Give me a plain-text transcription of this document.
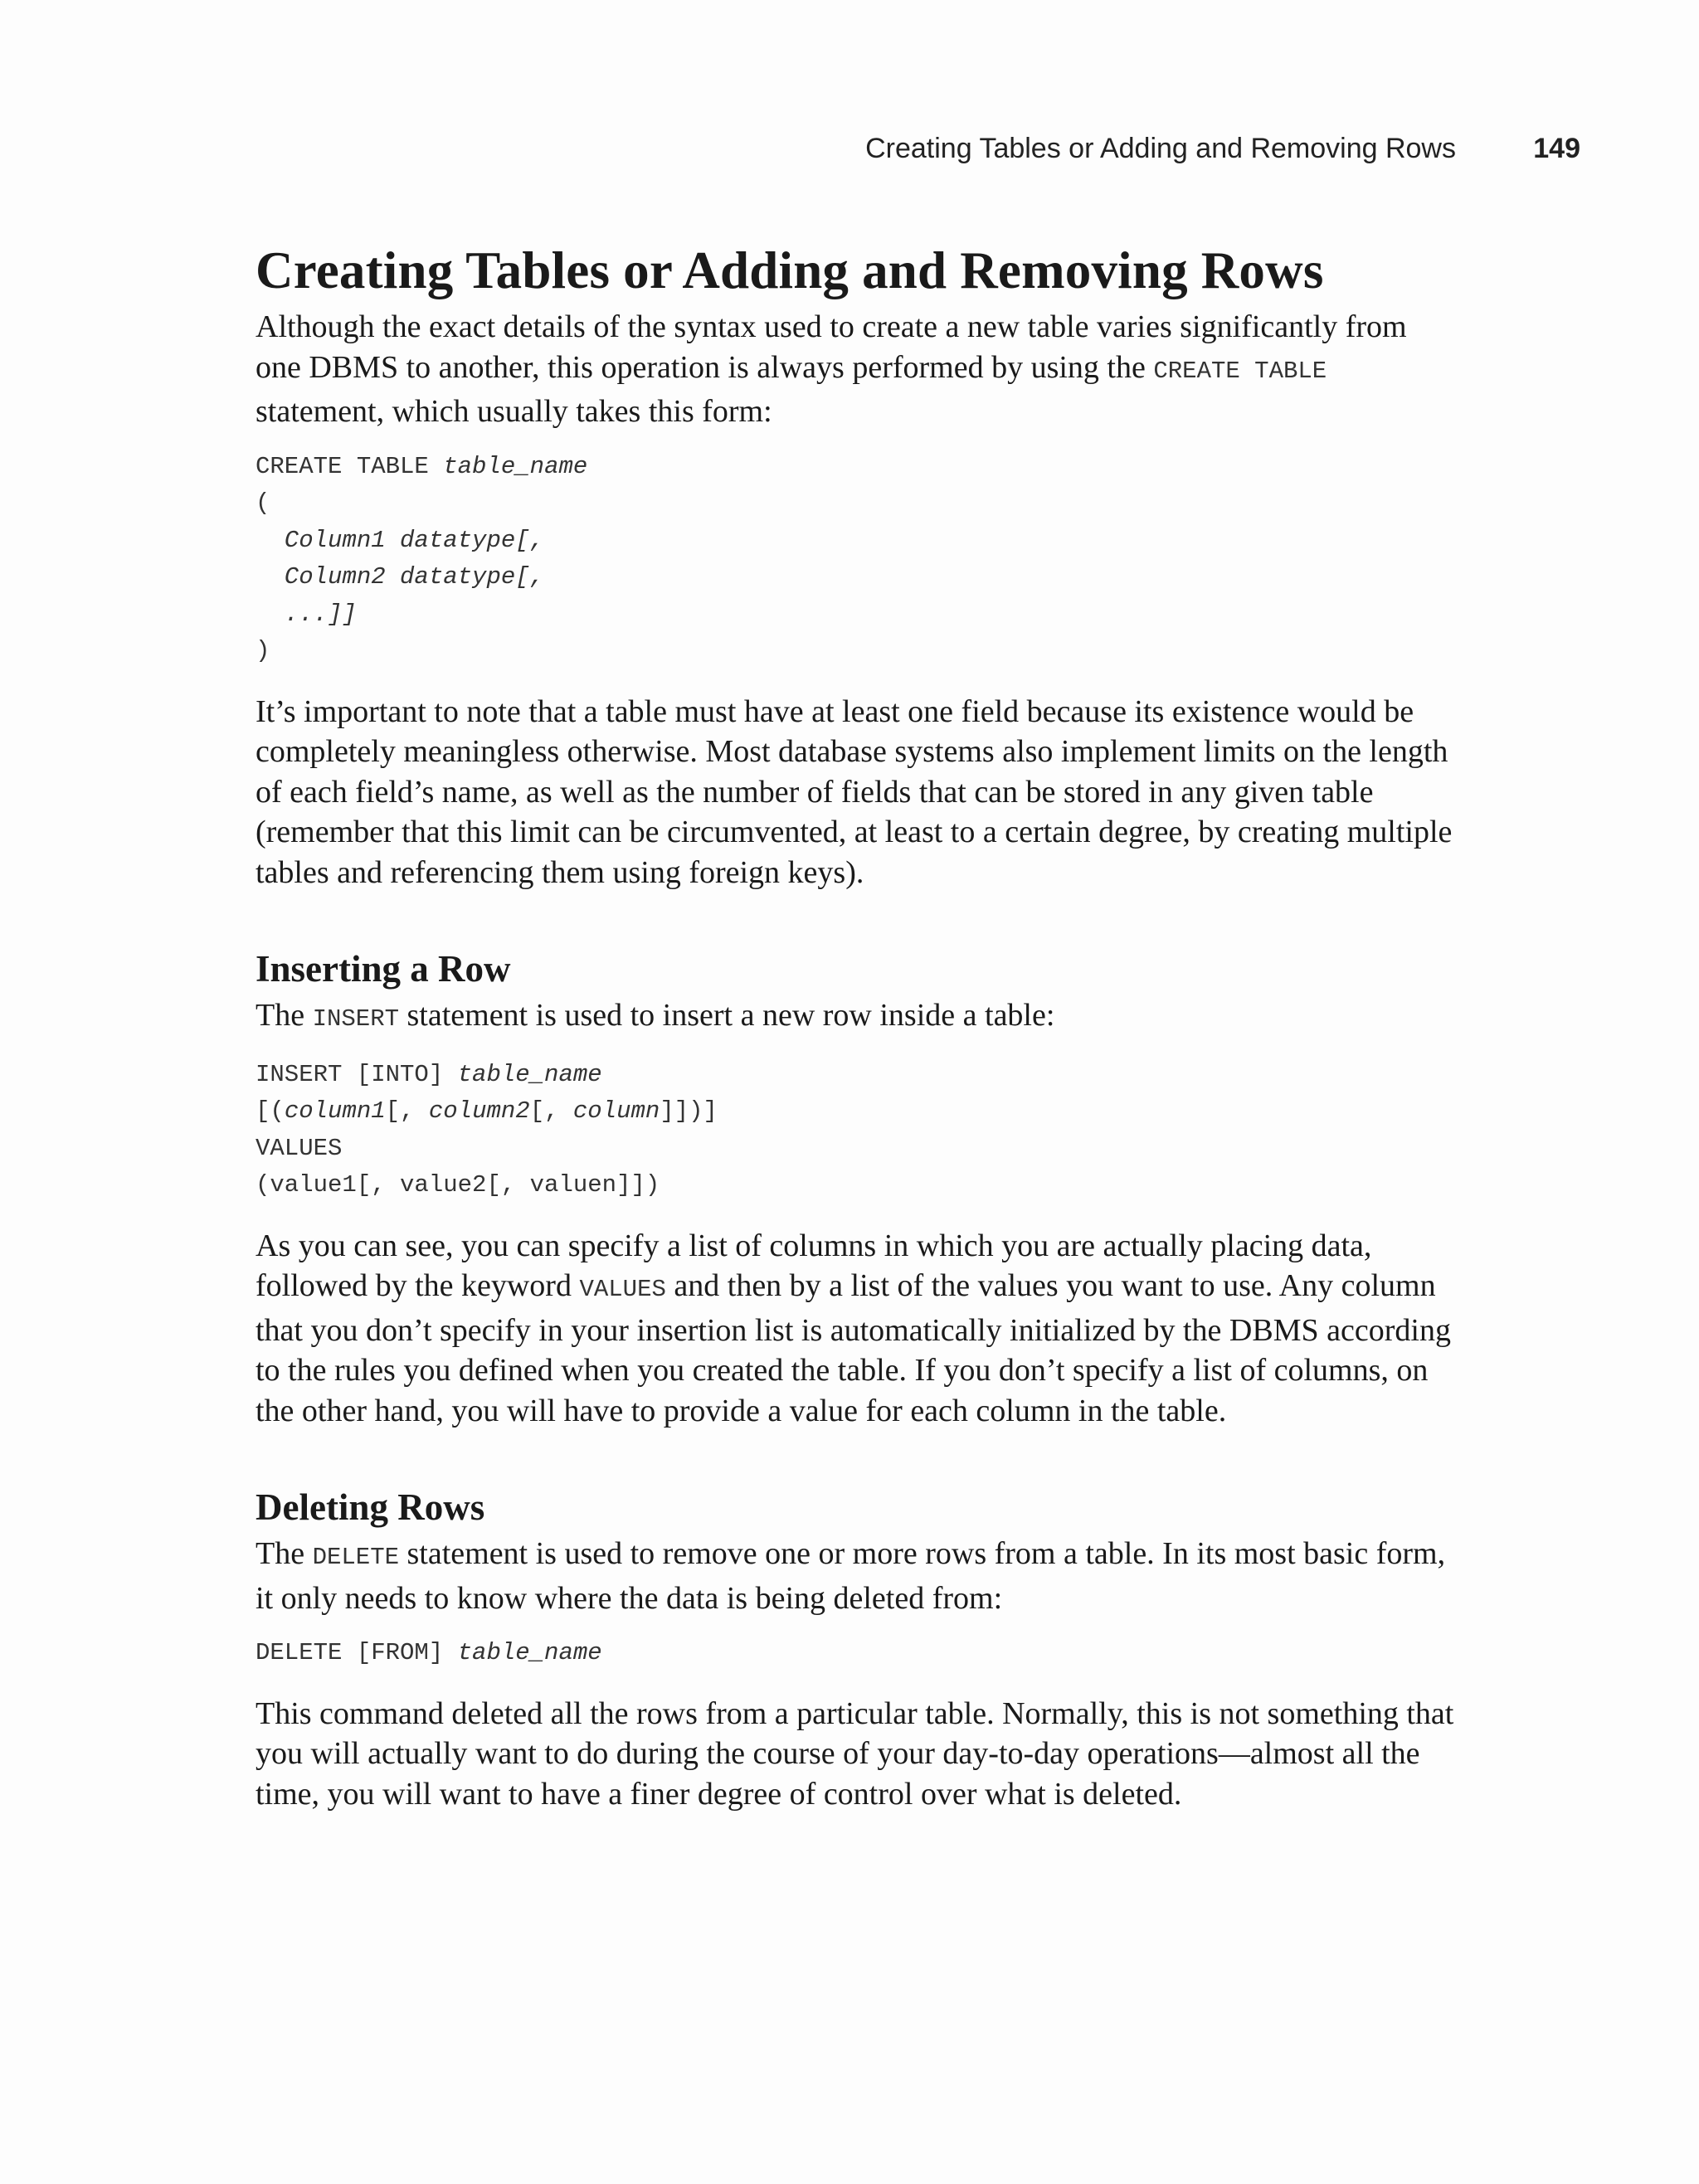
Creating Tables or Adding and Removing Rows	149
Creating Tables or Adding and Removing Rows

Although the exact details of the syntax used to create a new table varies significantly from one DBMS to another, this operation is always performed by using the CREATE TABLE statement, which usually takes this form:

CREATE TABLE table_name
(
Column1 datatype[,
Column2 datatype[,
...]]
)

It’s important to note that a table must have at least one field because its existence would be completely meaningless otherwise. Most database systems also implement limits on the length of each field’s name, as well as the number of fields that can be stored in any given table (remember that this limit can be circumvented, at least to a certain degree, by creating multiple tables and referencing them using foreign keys).

Inserting a Row

The INSERT statement is used to insert a new row inside a table:

INSERT [INTO] table_name
[(column1[, column2[, column]])]
VALUES
(value1[, value2[, valuen]])

As you can see, you can specify a list of columns in which you are actually placing data, followed by the keyword VALUES and then by a list of the values you want to use. Any column that you don’t specify in your insertion list is automatically initialized by the DBMS according to the rules you defined when you created the table. If you don’t specify a list of columns, on the other hand, you will have to provide a value for each column in the table.

Deleting Rows

The DELETE statement is used to remove one or more rows from a table. In its most basic form, it only needs to know where the data is being deleted from:

DELETE [FROM] table_name

This command deleted all the rows from a particular table. Normally, this is not something that you will actually want to do during the course of your day-to-day operations—almost all the time, you will want to have a finer degree of control over what is deleted.
